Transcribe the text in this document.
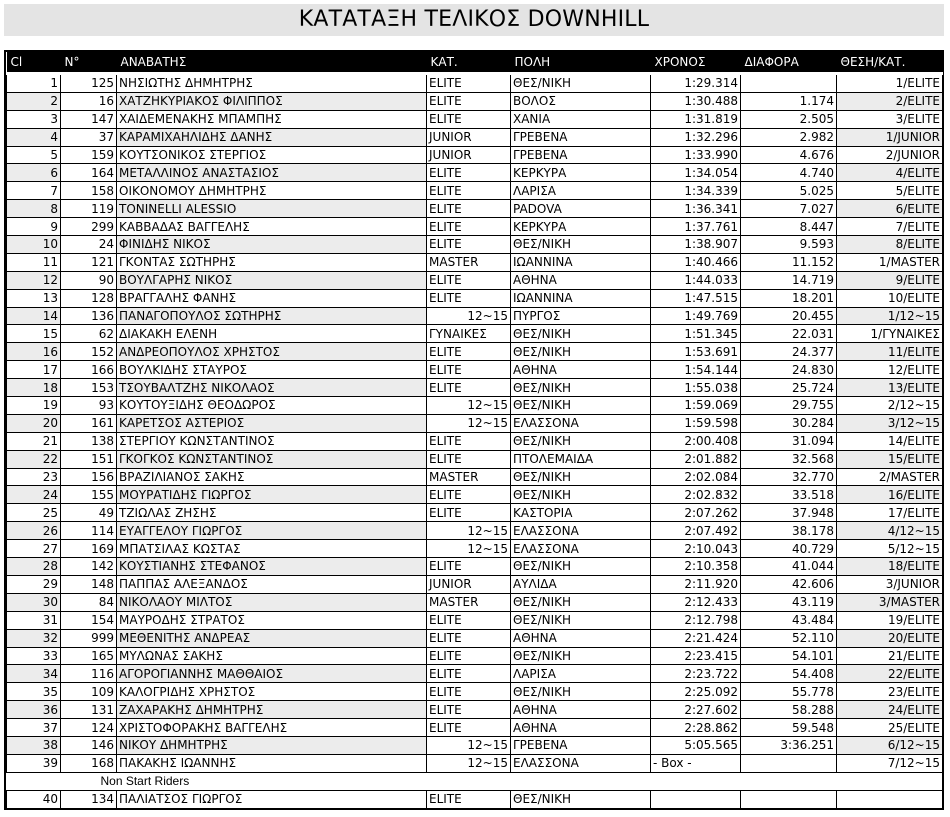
ΚΑΤΑΤΑΞΗ ΤΕΛΙΚΟΣ DOWNHILL
Cl	N°	ΑΝΑΒΑΤΗΣ	ΚΑΤ.	ΠΟΛΗ	ΧΡΟΝΟΣ	ΔΙΑΦΟΡΑ	ΘΕΣΗ/ΚΑΤ.
1	125	ΝΗΣΙΩΤΗΣ ΔΗΜΗΤΡΗΣ	ELITE	ΘΕΣ/ΝΙΚΗ	1:29.314		1/ELITE
2	16	ΧΑΤΖΗΚΥΡΙΑΚΟΣ ΦΙΛΙΠΠΟΣ	ELITE	ΒΟΛΟΣ	1:30.488	1.174	2/ELITE
3	147	ΧΑΙΔΕΜΕΝΑΚΗΣ ΜΠΑΜΠΗΣ	ELITE	ΧΑΝΙΑ	1:31.819	2.505	3/ELITE
4	37	ΚΑΡΑΜΙΧΑΗΛΙΔΗΣ ΔΑΝΗΣ	JUNIOR	ΓΡΕΒΕΝΑ	1:32.296	2.982	1/JUNIOR
5	159	ΚΟΥΤΣΟΝΙΚΟΣ ΣΤΕΡΓΙΟΣ	JUNIOR	ΓΡΕΒΕΝΑ	1:33.990	4.676	2/JUNIOR
6	164	ΜΕΤΑΛΛΙΝΟΣ ΑΝΑΣΤΑΣΙΟΣ	ELITE	ΚΕΡΚΥΡΑ	1:34.054	4.740	4/ELITE
7	158	ΟΙΚΟΝΟΜΟΥ ΔΗΜΗΤΡΗΣ	ELITE	ΛΑΡΙΣΑ	1:34.339	5.025	5/ELITE
8	119	TONINELLI ALESSIO	ELITE	PADOVA	1:36.341	7.027	6/ELITE
9	299	ΚΑΒΒΑΔΑΣ ΒΑΓΓΕΛΗΣ	ELITE	ΚΕΡΚΥΡΑ	1:37.761	8.447	7/ELITE
10	24	ΦΙΝΙΔΗΣ ΝΙΚΟΣ	ELITE	ΘΕΣ/ΝΙΚΗ	1:38.907	9.593	8/ELITE
11	121	ΓΚΟΝΤΑΣ ΣΩΤΗΡΗΣ	MASTER	ΙΩΑΝΝΙΝΑ	1:40.466	11.152	1/MASTER
12	90	ΒΟΥΛΓΑΡΗΣ ΝΙΚΟΣ	ELITE	ΑΘΗΝΑ	1:44.033	14.719	9/ELITE
13	128	ΒΡΑΓΓΑΛΗΣ ΦΑΝΗΣ	ELITE	ΙΩΑΝΝΙΝΑ	1:47.515	18.201	10/ELITE
14	136	ΠΑΝΑΓΟΠΟΥΛΟΣ ΣΩΤΗΡΗΣ	12~15	ΠΥΡΓΟΣ	1:49.769	20.455	1/12~15
15	62	ΔΙΑΚΑΚΗ ΕΛΕΝΗ	ΓΥΝΑΙΚΕΣ	ΘΕΣ/ΝΙΚΗ	1:51.345	22.031	1/ΓΥΝΑΙΚΕΣ
16	152	ΑΝΔΡΕΟΠΟΥΛΟΣ ΧΡΗΣΤΟΣ	ELITE	ΘΕΣ/ΝΙΚΗ	1:53.691	24.377	11/ELITE
17	166	ΒΟΥΛΚΙΔΗΣ ΣΤΑΥΡΟΣ	ELITE	ΑΘΗΝΑ	1:54.144	24.830	12/ELITE
18	153	ΤΣΟΥΒΑΛΤΖΗΣ ΝΙΚΟΛΑΟΣ	ELITE	ΘΕΣ/ΝΙΚΗ	1:55.038	25.724	13/ELITE
19	93	ΚΟΥΤΟΥΞΙΔΗΣ ΘΕΟΔΩΡΟΣ	12~15	ΘΕΣ/ΝΙΚΗ	1:59.069	29.755	2/12~15
20	161	ΚΑΡΕΤΣΟΣ ΑΣΤΕΡΙΟΣ	12~15	ΕΛΑΣΣΟΝΑ	1:59.598	30.284	3/12~15
21	138	ΣΤΕΡΓΙΟΥ ΚΩΝΣΤΑΝΤΙΝΟΣ	ELITE	ΘΕΣ/ΝΙΚΗ	2:00.408	31.094	14/ELITE
22	151	ΓΚΟΓΚΟΣ ΚΩΝΣΤΑΝΤΙΝΟΣ	ELITE	ΠΤΟΛΕΜΑΙΔΑ	2:01.882	32.568	15/ELITE
23	156	ΒΡΑΖΙΛΙΑΝΟΣ ΣΑΚΗΣ	MASTER	ΘΕΣ/ΝΙΚΗ	2:02.084	32.770	2/MASTER
24	155	ΜΟΥΡΑΤΙΔΗΣ ΓΙΩΡΓΟΣ	ELITE	ΘΕΣ/ΝΙΚΗ	2:02.832	33.518	16/ELITE
25	49	ΤΖΙΩΛΑΣ ΖΗΣΗΣ	ELITE	ΚΑΣΤΟΡΙΑ	2:07.262	37.948	17/ELITE
26	114	ΕΥΑΓΓΕΛΟΥ ΓΙΩΡΓΟΣ	12~15	ΕΛΑΣΣΟΝΑ	2:07.492	38.178	4/12~15
27	169	ΜΠΑΤΣΙΛΑΣ ΚΩΣΤΑΣ	12~15	ΕΛΑΣΣΟΝΑ	2:10.043	40.729	5/12~15
28	142	ΚΟΥΣΤΙΑΝΗΣ ΣΤΕΦΑΝΟΣ	ELITE	ΘΕΣ/ΝΙΚΗ	2:10.358	41.044	18/ELITE
29	148	ΠΑΠΠΑΣ ΑΛΕΞΑΝΔΟΣ	JUNIOR	ΑΥΛΙΔΑ	2:11.920	42.606	3/JUNIOR
30	84	ΝΙΚΟΛΑΟΥ ΜΙΛΤΟΣ	MASTER	ΘΕΣ/ΝΙΚΗ	2:12.433	43.119	3/MASTER
31	154	ΜΑΥΡΟΔΗΣ ΣΤΡΑΤΟΣ	ELITE	ΘΕΣ/ΝΙΚΗ	2:12.798	43.484	19/ELITE
32	999	ΜΕΘΕΝΙΤΗΣ ΑΝΔΡΕΑΣ	ELITE	ΑΘΗΝΑ	2:21.424	52.110	20/ELITE
33	165	ΜΥΛΩΝΑΣ ΣΑΚΗΣ	ELITE	ΘΕΣ/ΝΙΚΗ	2:23.415	54.101	21/ELITE
34	116	ΑΓΟΡΟΓΙΑΝΝΗΣ ΜΑΘΘΑΙΟΣ	ELITE	ΛΑΡΙΣΑ	2:23.722	54.408	22/ELITE
35	109	ΚΑΛΟΓΡΙΔΗΣ ΧΡΗΣΤΟΣ	ELITE	ΘΕΣ/ΝΙΚΗ	2:25.092	55.778	23/ELITE
36	131	ΖΑΧΑΡΑΚΗΣ ΔΗΜΗΤΡΗΣ	ELITE	ΑΘΗΝΑ	2:27.602	58.288	24/ELITE
37	124	ΧΡΙΣΤΟΦΟΡΑΚΗΣ ΒΑΓΓΕΛΗΣ	ELITE	ΑΘΗΝΑ	2:28.862	59.548	25/ELITE
38	146	ΝΙΚΟΥ ΔΗΜΗΤΡΗΣ	12~15	ΓΡΕΒΕΝΑ	5:05.565	3:36.251	6/12~15
39	168	ΠΑΚΑΚΗΣ ΙΩΑΝΝΗΣ	12~15	ΕΛΑΣΣΟΝΑ	- Box -		7/12~15
Non Start Riders							
40	134	ΠΑΛΙΑΤΣΟΣ ΓΙΩΡΓΟΣ	ELITE	ΘΕΣ/ΝΙΚΗ			
